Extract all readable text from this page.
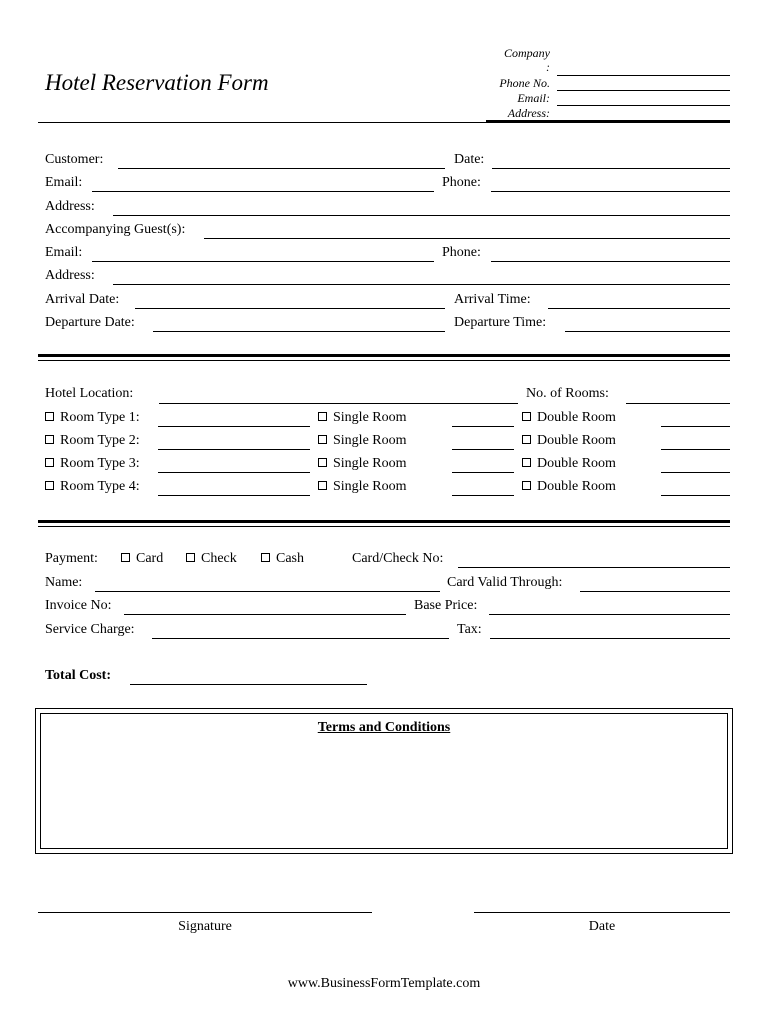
Hotel Reservation Form
Company
:
Phone No.
Email:
Address:
Customer:	Date:
Email:	Phone:
Address:
Accompanying Guest(s):
Email:	Phone:
Address:
Arrival Date:	Arrival Time:
Departure Date:	Departure Time:
Hotel Location:	No. of Rooms:
Room Type 1:	Single Room	Double Room
Room Type 2:	Single Room	Double Room
Room Type 3:	Single Room	Double Room
Room Type 4:	Single Room	Double Room
Payment:	Card	Check	Cash	Card/Check No:
Name:	Card Valid Through:
Invoice No:	Base Price:
Service Charge:	Tax:
Total Cost:
Terms and Conditions
Signature	Date
www.BusinessFormTemplate.com
